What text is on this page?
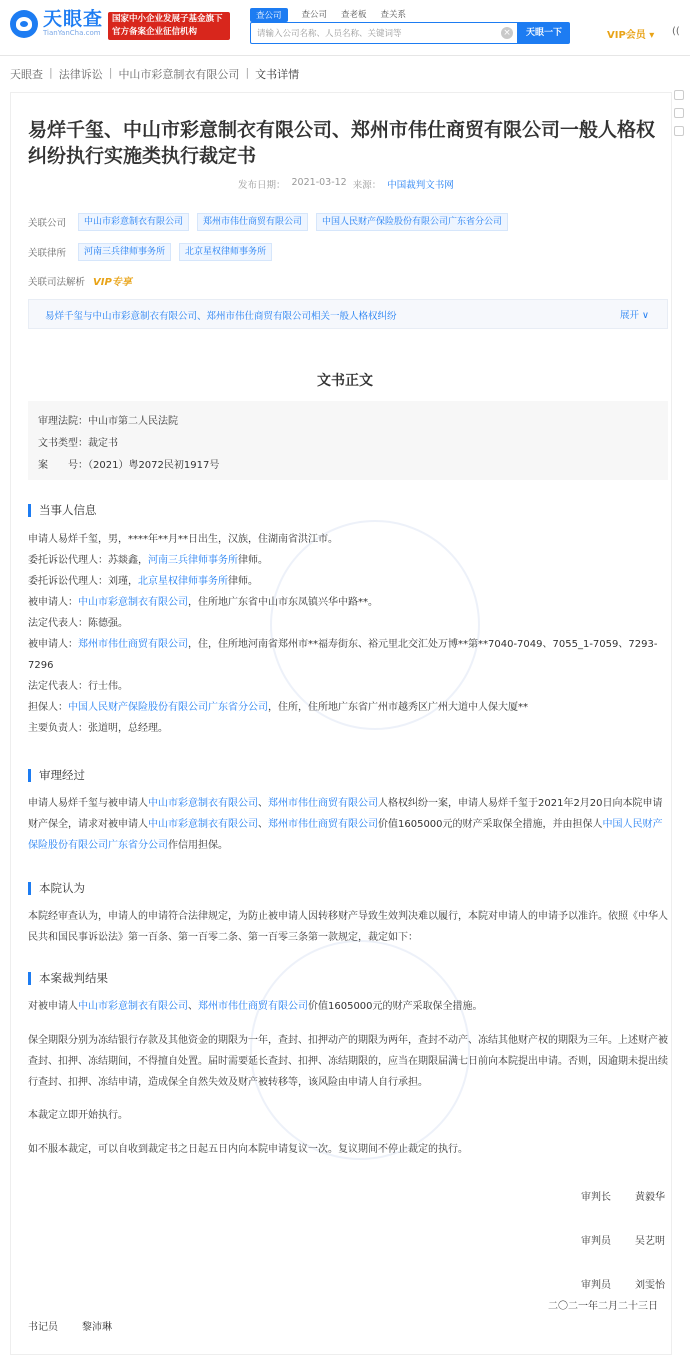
天眼查
TianYanCha.com
国家中小企业发展子基金旗下
官方备案企业征信机构
查公司	查公司 查老板 查关系
请输入公司名称、人员名称、关键词等	×	天眼一下	VIP会员 ▾ ((
天眼查 | 法律诉讼 | 中山市彩意制衣有限公司 | 文书详情
易烊千玺、中山市彩意制衣有限公司、郑州市伟仕商贸有限公司一般人格权纠纷执行实施类执行裁定书
发布日期： 2021-03-12 来源： 中国裁判文书网
关联公司	中山市彩意制衣有限公司	郑州市伟仕商贸有限公司	中国人民财产保险股份有限公司广东省分公司
关联律所	河南三兵律师事务所	北京星权律师事务所
关联司法解析 VIP专享
易烊千玺与中山市彩意制衣有限公司、郑州市伟仕商贸有限公司相关一般人格权纠纷	展开 ∨
文书正文
审理法院：中山市第二人民法院
文书类型：裁定书
案　　号：（2021）粤2072民初1917号
当事人信息
申请人易烊千玺，男，****年**月**日出生，汉族，住湖南省洪江市。
委托诉讼代理人：苏燚鑫，河南三兵律师事务所律师。
委托诉讼代理人：刘瑾，北京星权律师事务所律师。
被申请人：中山市彩意制衣有限公司，住所地广东省中山市东凤镇兴华中路**。
法定代表人：陈德强。
被申请人：郑州市伟仕商贸有限公司，住，住所地河南省郑州市**福寿街东、裕元里北交汇处万博**第**7040-7049、7055_1-7059、7293-7296
法定代表人：行士伟。
担保人：中国人民财产保险股份有限公司广东省分公司，住所，住所地广东省广州市越秀区广州大道中人保大厦**
主要负责人：张道明，总经理。
审理经过
申请人易烊千玺与被申请人中山市彩意制衣有限公司、郑州市伟仕商贸有限公司人格权纠纷一案，申请人易烊千玺于2021年2月20日向本院申请财产保全，请求对被申请人中山市彩意制衣有限公司、郑州市伟仕商贸有限公司价值1605000元的财产采取保全措施，并由担保人中国人民财产保险股份有限公司广东省分公司作信用担保。
本院认为
本院经审查认为，申请人的申请符合法律规定，为防止被申请人因转移财产导致生效判决难以履行，本院对申请人的申请予以准许。依照《中华人民共和国民事诉讼法》第一百条、第一百零二条、第一百零三条第一款规定，裁定如下：
本案裁判结果
对被申请人中山市彩意制衣有限公司、郑州市伟仕商贸有限公司价值1605000元的财产采取保全措施。
保全期限分别为冻结银行存款及其他资金的期限为一年，查封、扣押动产的期限为两年，查封不动产、冻结其他财产权的期限为三年。上述财产被查封、扣押、冻结期间，不得擅自处置。届时需要延长查封、扣押、冻结期限的，应当在期限届满七日前向本院提出申请。否则，因逾期未提出续行查封、扣押、冻结申请，造成保全自然失效及财产被转移等，该风险由申请人自行承担。
本裁定立即开始执行。
如不服本裁定，可以自收到裁定书之日起五日内向本院申请复议一次。复议期间不停止裁定的执行。
审判长 黄毅华
审判员 吴艺明
审判员 刘雯怡
二〇二一年二月二十三日
书记员 黎沛琳
